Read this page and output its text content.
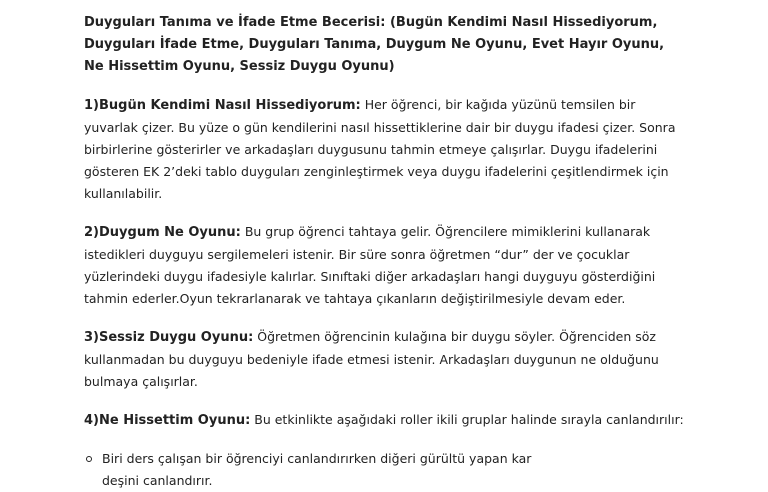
Duyguları Tanıma ve İfade Etme Becerisi: (Bugün Kendimi Nasıl Hissediyorum, Duyguları İfade Etme, Duyguları Tanıma, Duygum Ne Oyunu, Evet Hayır Oyunu, Ne Hissettim Oyunu, Sessiz Duygu Oyunu)

1)Bugün Kendimi Nasıl Hissediyorum: Her öğrenci, bir kağıda yüzünü temsilen bir yuvarlak çizer. Bu yüze o gün kendilerini nasıl hissettiklerine dair bir duygu ifadesi çizer. Sonra birbirlerine gösterirler ve arkadaşları duygusunu tahmin etmeye çalışırlar. Duygu ifadelerini gösteren EK 2’deki tablo duyguları zenginleştirmek veya duygu ifadelerini çeşitlendirmek için kullanılabilir.

2)Duygum Ne Oyunu: Bu grup öğrenci tahtaya gelir. Öğrencilere mimiklerini kullanarak istedikleri duyguyu sergilemeleri istenir. Bir süre sonra öğretmen “dur” der ve çocuklar yüzlerindeki duygu ifadesiyle kalırlar. Sınıftaki diğer arkadaşları hangi duyguyu gösterdiğini tahmin ederler.Oyun tekrarlanarak ve tahtaya çıkanların değiştirilmesiyle devam eder.

3)Sessiz Duygu Oyunu: Öğretmen öğrencinin kulağına bir duygu söyler. Öğrenciden söz kullanmadan bu duyguyu bedeniyle ifade etmesi istenir. Arkadaşları duygunun ne olduğunu bulmaya çalışırlar.

4)Ne Hissettim Oyunu: Bu etkinlikte aşağıdaki roller ikili gruplar halinde sırayla canlandırılır:

Biri ders çalışan bir öğrenciyi canlandırırken diğeri gürültü yapan kar deşini canlandırır.
